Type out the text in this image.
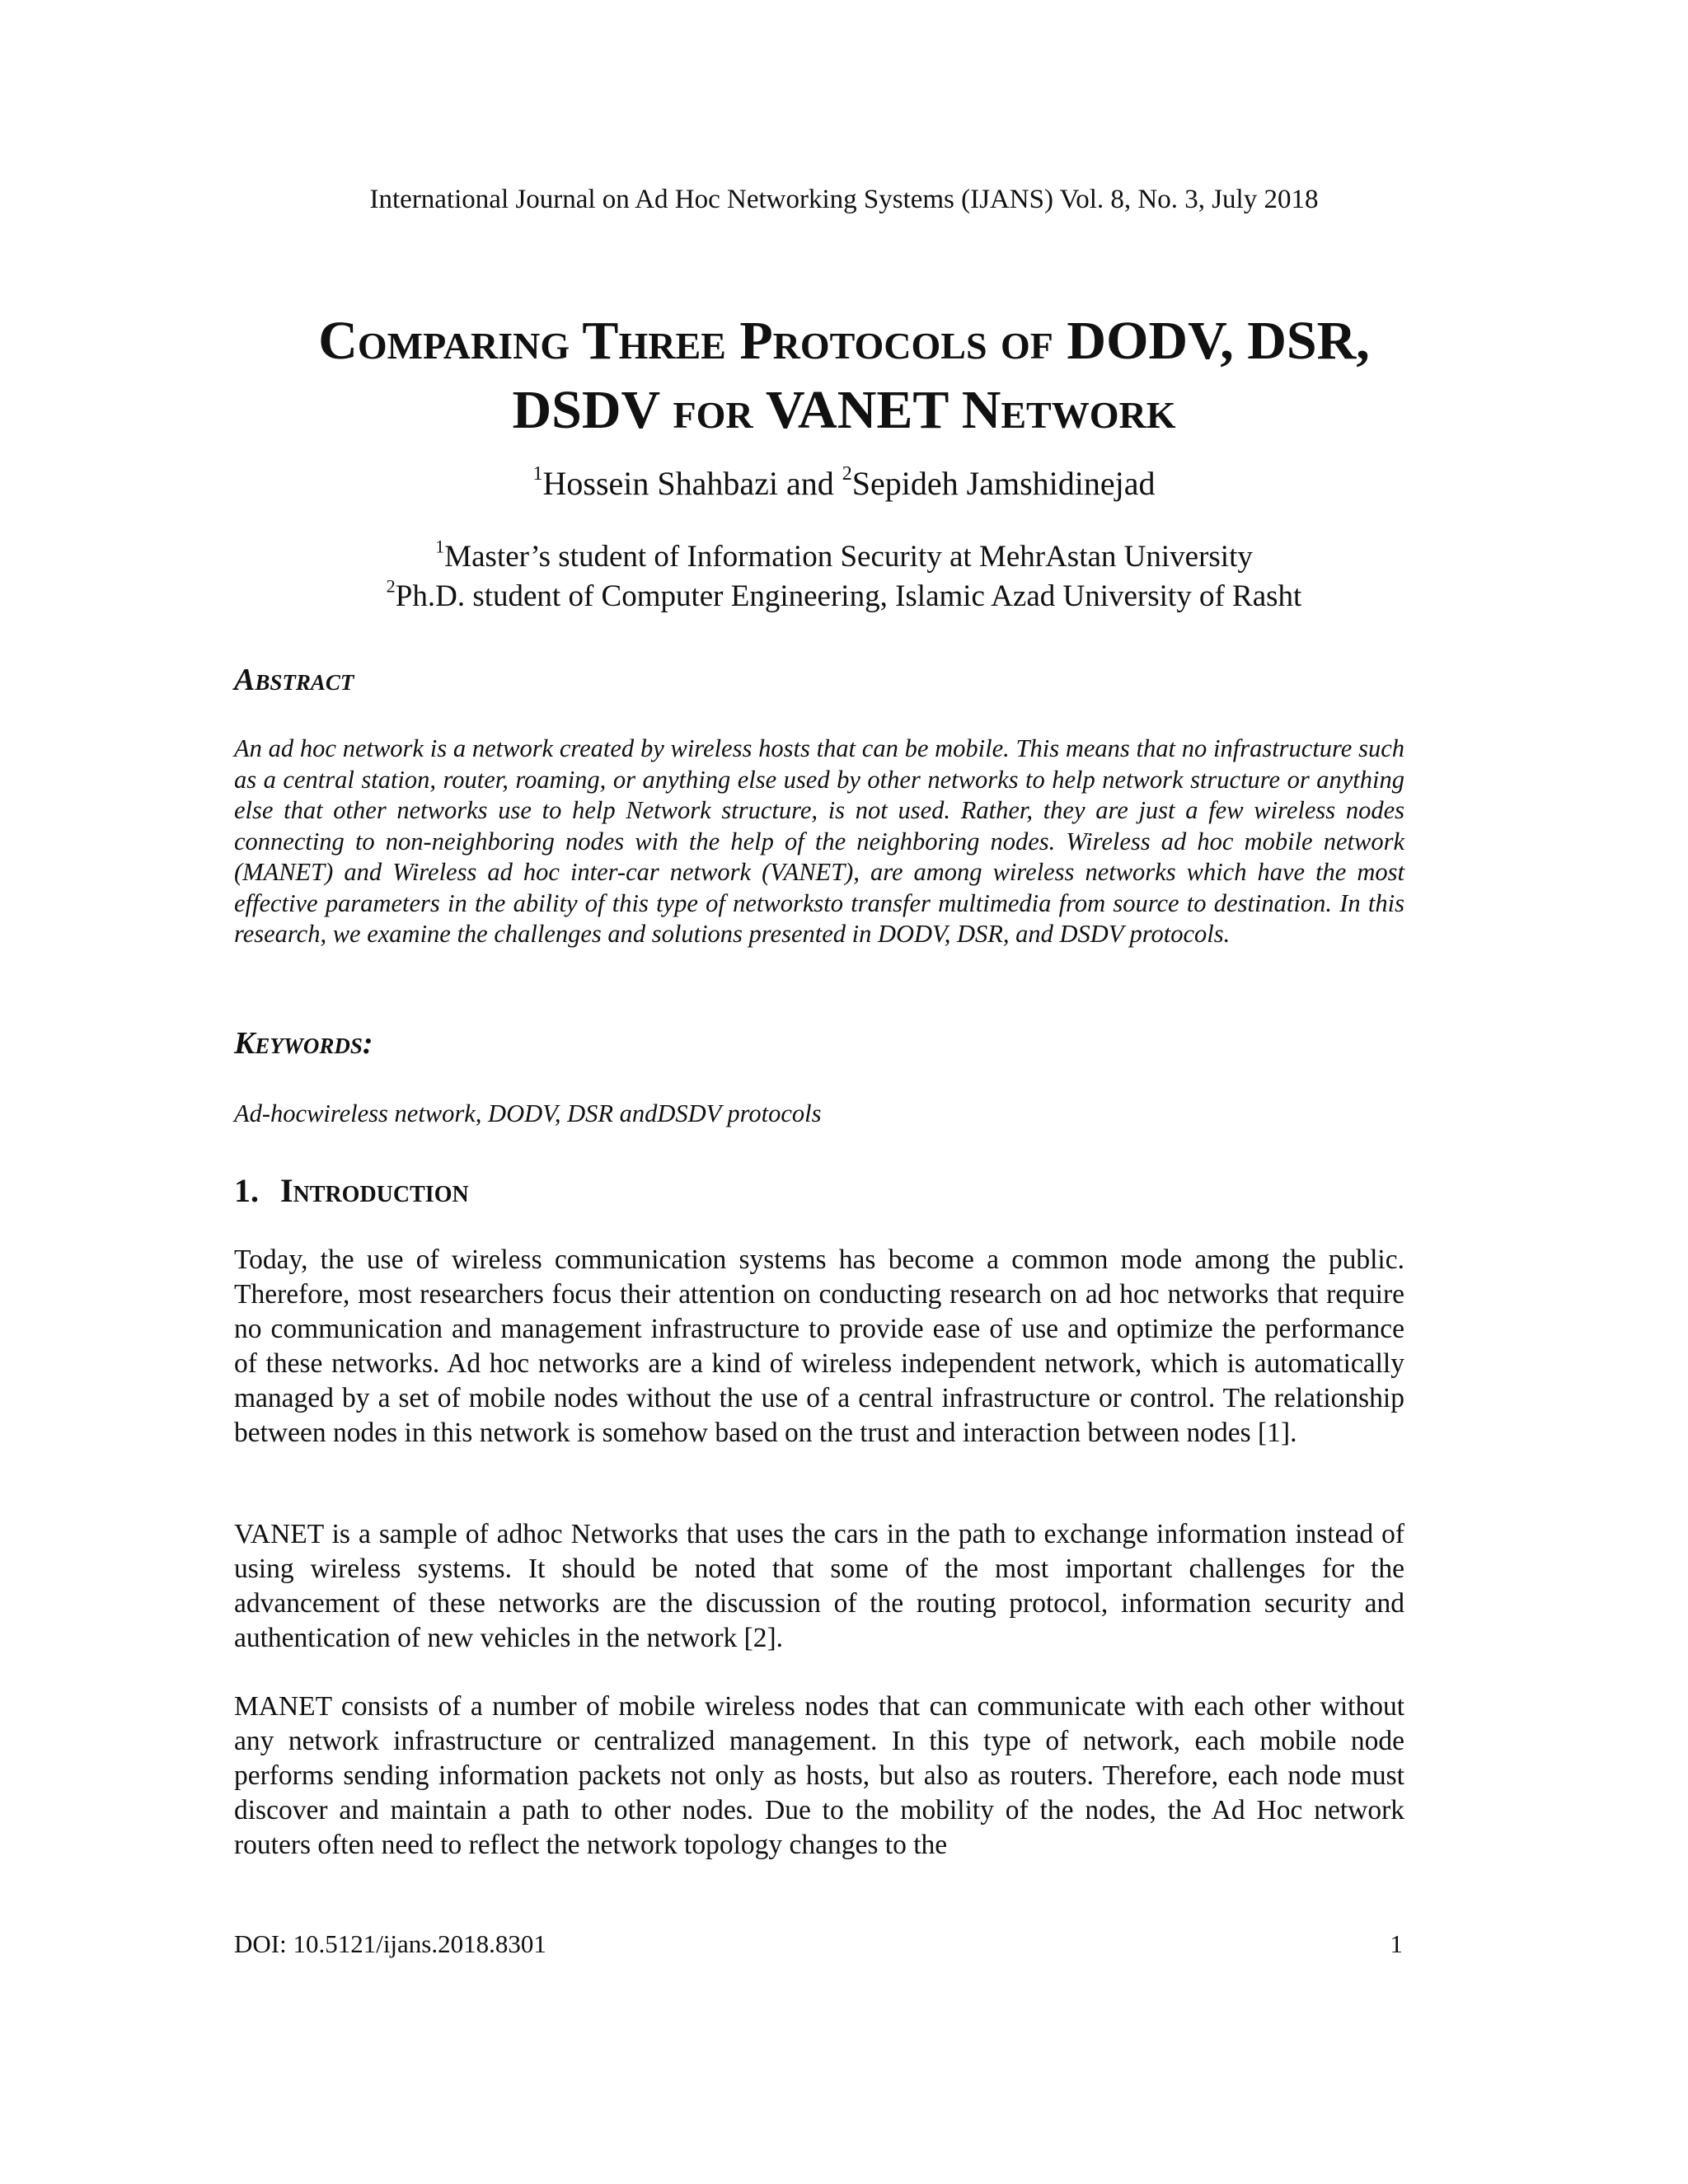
International Journal on Ad Hoc Networking Systems (IJANS) Vol. 8, No. 3, July 2018
Comparing Three Protocols of DODV, DSR,
DSDV for VANET Network
$^1$Hossein Shahbazi and $^2$Sepideh Jamshidinejad
$^1$Master’s student of Information Security at MehrAstan University
$^2$Ph.D. student of Computer Engineering, Islamic Azad University of Rasht
Abstract

An ad hoc network is a network created by wireless hosts that can be mobile. This means that no infrastructure such as a central station, router, roaming, or anything else used by other networks to help network structure or anything else that other networks use to help Network structure, is not used. Rather, they are just a few wireless nodes connecting to non-neighboring nodes with the help of the neighboring nodes. Wireless ad hoc mobile network (MANET) and Wireless ad hoc inter-car network (VANET), are among wireless networks which have the most effective parameters in the ability of this type of networksto transfer multimedia from source to destination. In this research, we examine the challenges and solutions presented in DODV, DSR, and DSDV protocols.

Keywords:

Ad-hocwireless network, DODV, DSR andDSDV protocols

1. Introduction

Today, the use of wireless communication systems has become a common mode among the public. Therefore, most researchers focus their attention on conducting research on ad hoc networks that require no communication and management infrastructure to provide ease of use and optimize the performance of these networks. Ad hoc networks are a kind of wireless independent network, which is automatically managed by a set of mobile nodes without the use of a central infrastructure or control. The relationship between nodes in this network is somehow based on the trust and interaction between nodes [1].

VANET is a sample of adhoc Networks that uses the cars in the path to exchange information instead of using wireless systems. It should be noted that some of the most important challenges for the advancement of these networks are the discussion of the routing protocol, information security and authentication of new vehicles in the network [2].

MANET consists of a number of mobile wireless nodes that can communicate with each other without any network infrastructure or centralized management. In this type of network, each mobile node performs sending information packets not only as hosts, but also as routers. Therefore, each node must discover and maintain a path to other nodes. Due to the mobility of the nodes, the Ad Hoc network routers often need to reflect the network topology changes to the

DOI: 10.5121/ijans.2018.8301	1
